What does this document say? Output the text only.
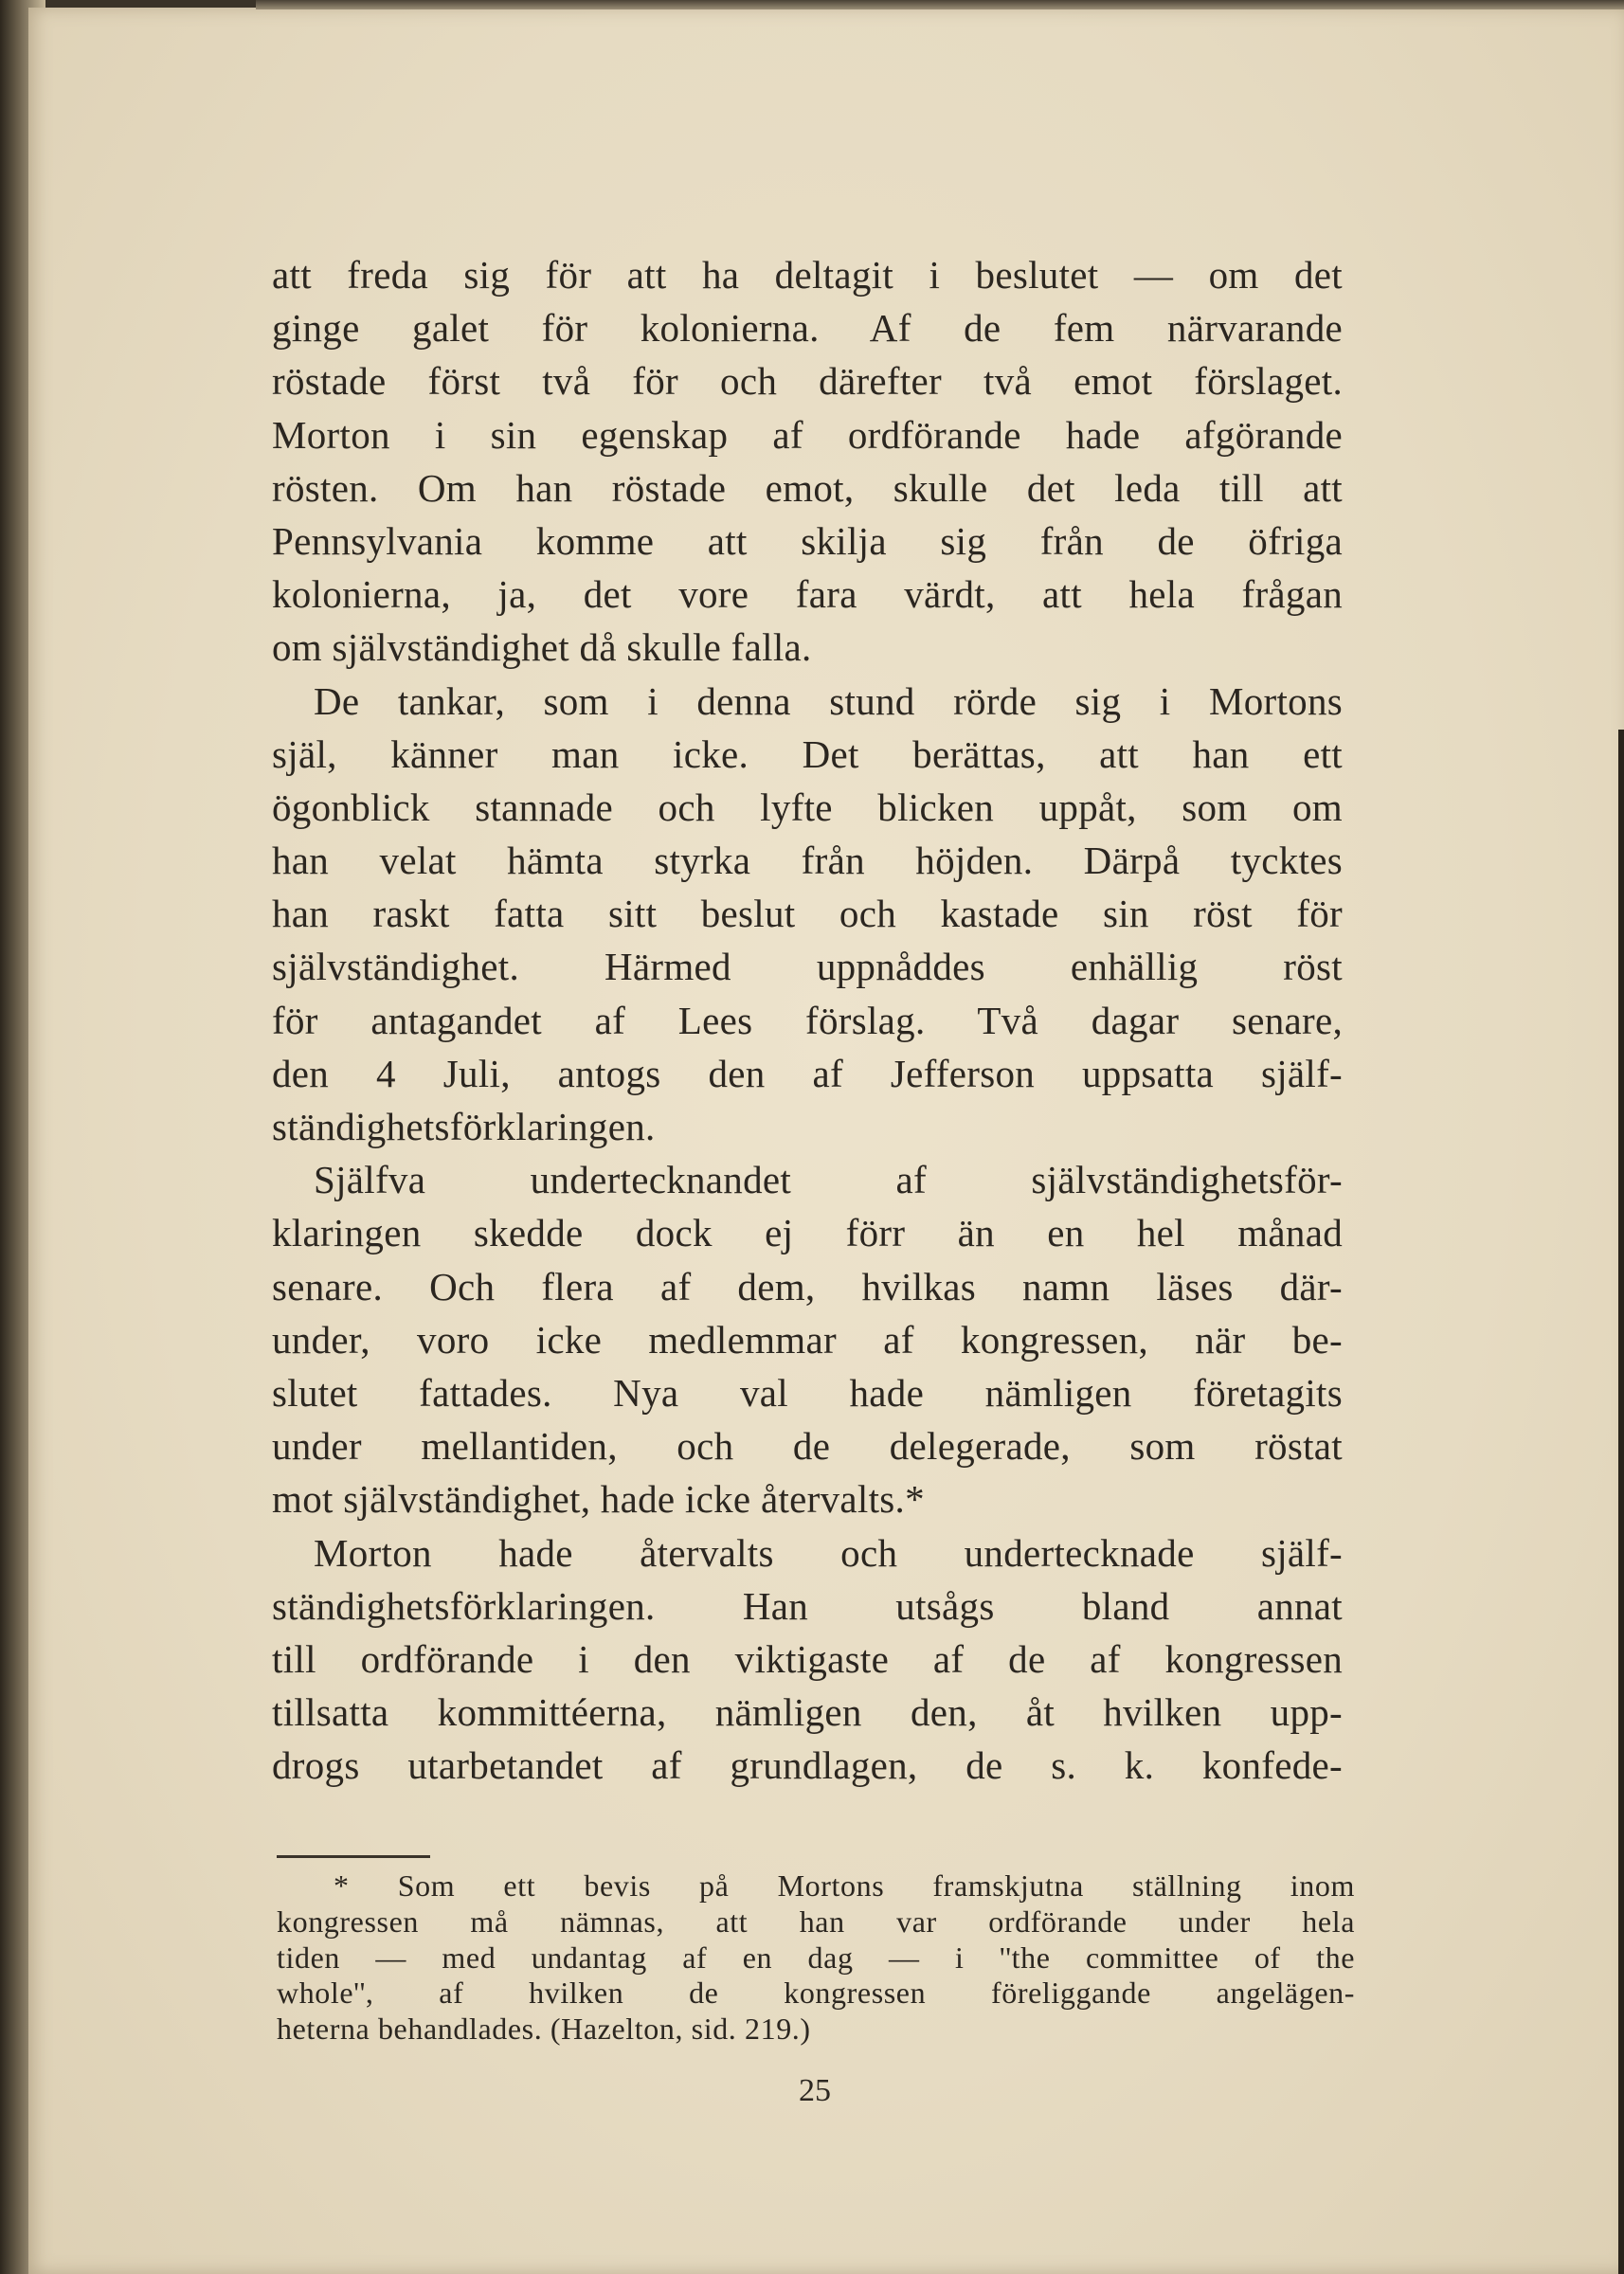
att freda sig för att ha deltagit i beslutet — om det
ginge galet för kolonierna. Af de fem närvarande
röstade först två för och därefter två emot förslaget.
Morton i sin egenskap af ordförande hade afgörande
rösten. Om han röstade emot, skulle det leda till att
Pennsylvania komme att skilja sig från de öfriga
kolonierna, ja, det vore fara värdt, att hela frågan
om självständighet då skulle falla.
De tankar, som i denna stund rörde sig i Mortons
själ, känner man icke. Det berättas, att han ett
ögonblick stannade och lyfte blicken uppåt, som om
han velat hämta styrka från höjden. Därpå tycktes
han raskt fatta sitt beslut och kastade sin röst för
självständighet. Härmed uppnåddes enhällig röst
för antagandet af Lees förslag. Två dagar senare,
den 4 Juli, antogs den af Jefferson uppsatta själf-
ständighetsförklaringen.
Själfva undertecknandet af självständighetsför-
klaringen skedde dock ej förr än en hel månad
senare. Och flera af dem, hvilkas namn läses där-
under, voro icke medlemmar af kongressen, när be-
slutet fattades. Nya val hade nämligen företagits
under mellantiden, och de delegerade, som röstat
mot självständighet, hade icke återvalts.*
Morton hade återvalts och undertecknade själf-
ständighetsförklaringen. Han utsågs bland annat
till ordförande i den viktigaste af de af kongressen
tillsatta kommittéerna, nämligen den, åt hvilken upp-
drogs utarbetandet af grundlagen, de s. k. konfede-
* Som ett bevis på Mortons framskjutna ställning inom
kongressen må nämnas, att han var ordförande under hela
tiden — med undantag af en dag — i ''the committee of the
whole'', af hvilken de kongressen föreliggande angelägen-
heterna behandlades. (Hazelton, sid. 219.)
25
